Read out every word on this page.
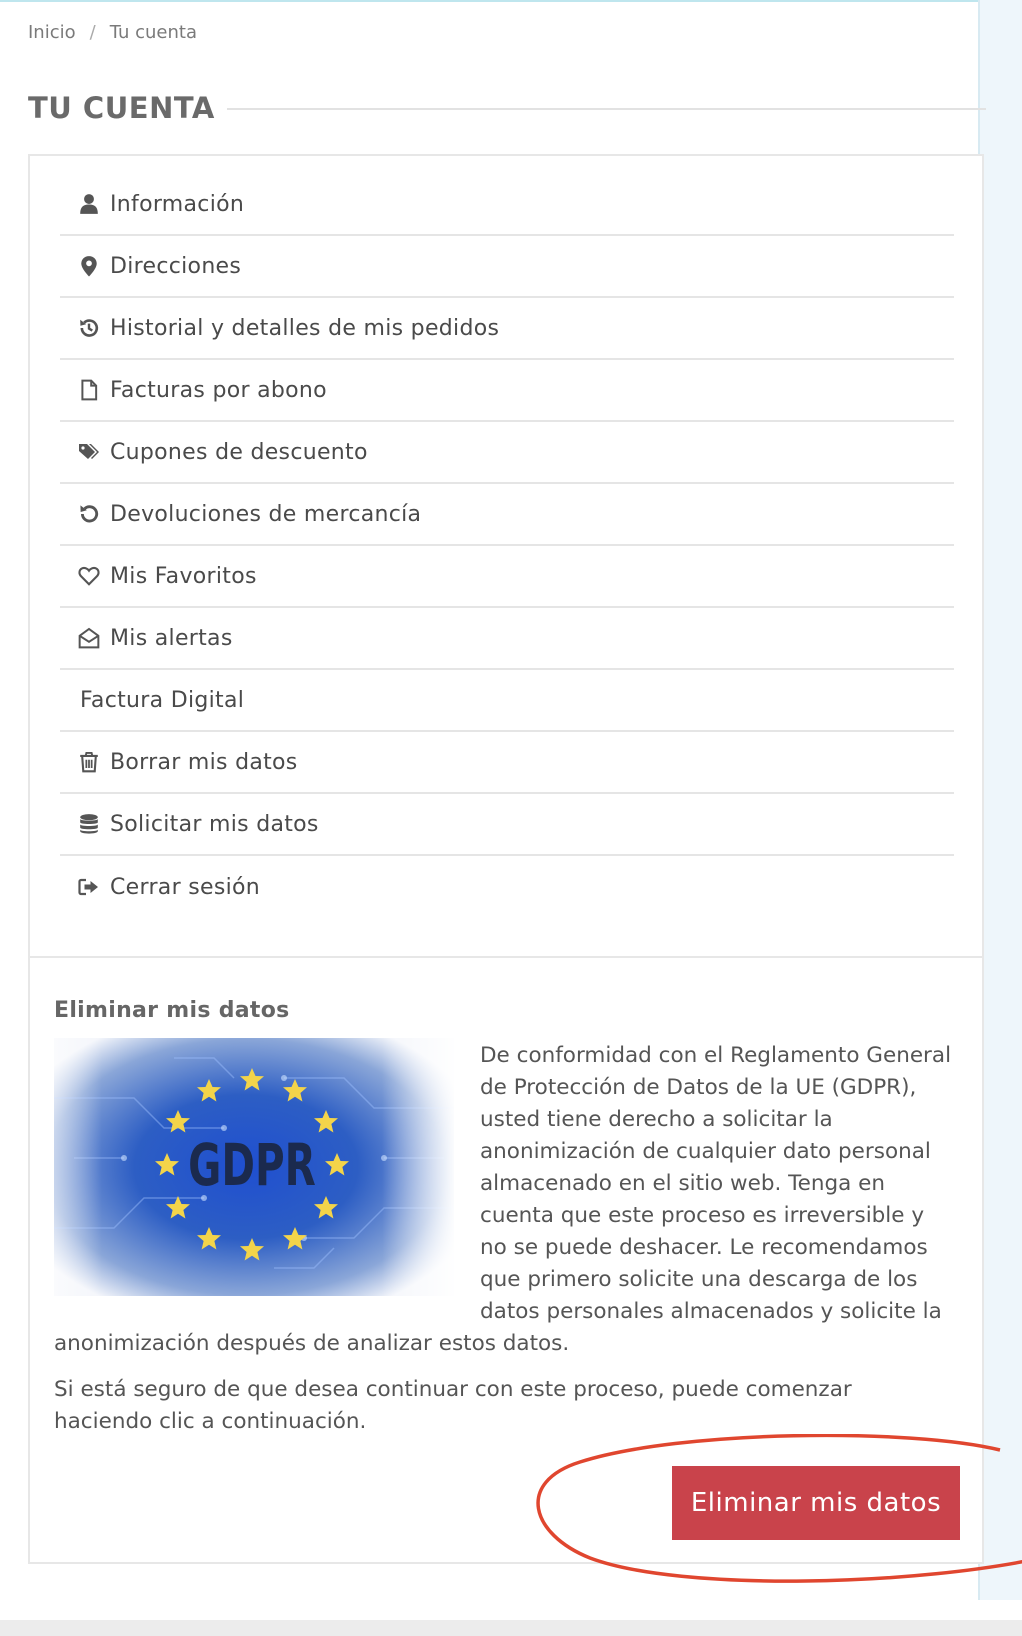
Inicio / Tu cuenta
TU CUENTA
Información
Direcciones
Historial y detalles de mis pedidos
Facturas por abono
Cupones de descuento
Devoluciones de mercancía
Mis Favoritos
Mis alertas
Factura Digital
Borrar mis datos
Solicitar mis datos
Cerrar sesión
Eliminar mis datos

De conformidad con el Reglamento General de Protección de Datos de la UE (GDPR), usted tiene derecho a solicitar la anonimización de cualquier dato personal almacenado en el sitio web. Tenga en cuenta que este proceso es irreversible y no se puede deshacer. Le recomendamos que primero solicite una descarga de los datos personales almacenados y solicite la anonimización después de analizar estos datos.

Si está seguro de que desea continuar con este proceso, puede comenzar haciendo clic a continuación.

Eliminar mis datos
